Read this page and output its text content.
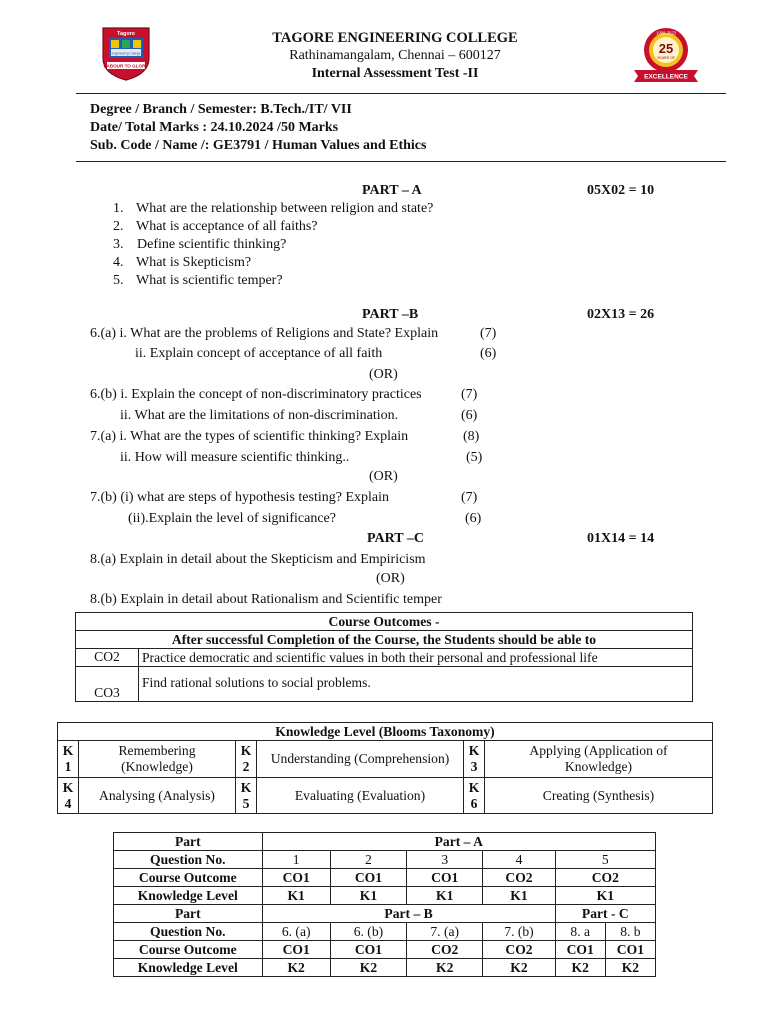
Tagore
Engineering College
LABOUR TO GLORY
TAGORE ENGINEERING COLLEGE
Rathinamangalam, Chennai – 600127
Internal Assessment Test -II
1998-2023
25
YEARS OF
EXCELLENCE
Degree / Branch / Semester: B.Tech./IT/ VII
Date/ Total Marks : 24.10.2024 /50 Marks
Sub. Code / Name /: GE3791 / Human Values and Ethics
PART – A	05X02 = 10
1. What are the relationship between religion and state?
2. What is acceptance of all faiths?
3. Define scientific thinking?
4. What is Skepticism?
5. What is scientific temper?
PART –B	02X13 = 26
6.(a) i. What are the problems of Religions and State? Explain	(7)
ii. Explain concept of acceptance of all faith	(6)
(OR)
6.(b) i. Explain the concept of non-discriminatory practices	(7)
ii. What are the limitations of non-discrimination.	(6)
7.(a) i. What are the types of scientific thinking? Explain	(8)
ii. How will measure scientific thinking..	(5)
(OR)
7.(b) (i) what are steps of hypothesis testing? Explain	(7)
(ii).Explain the level of significance?	(6)
PART –C	01X14 = 14
8.(a) Explain in detail about the Skepticism and Empiricism
(OR)
8.(b) Explain in detail about Rationalism and Scientific temper
Course Outcomes -	
After successful Completion of the Course, the Students should be able to	
CO2	Practice democratic and scientific values in both their personal and professional life
CO3	Find rational solutions to social problems.
Knowledge Level (Blooms Taxonomy)					
K
1	Remembering (Knowledge)	K
2	Understanding (Comprehension)	K
3	Applying (Application of Knowledge)
K
4	Analysing (Analysis)	K
5	Evaluating (Evaluation)	K
6	Creating (Synthesis)
Part	Part – A					
Question No.	1	2	3	4	5	
Course Outcome	CO1	CO1	CO1	CO2	CO2	
Knowledge Level	K1	K1	K1	K1	K1	
Part	Part – B				Part - C	
Question No.	6. (a)	6. (b)	7. (a)	7. (b)	8. a	8. b
Course Outcome	CO1	CO1	CO2	CO2	CO1	CO1
Knowledge Level	K2	K2	K2	K2	K2	K2
